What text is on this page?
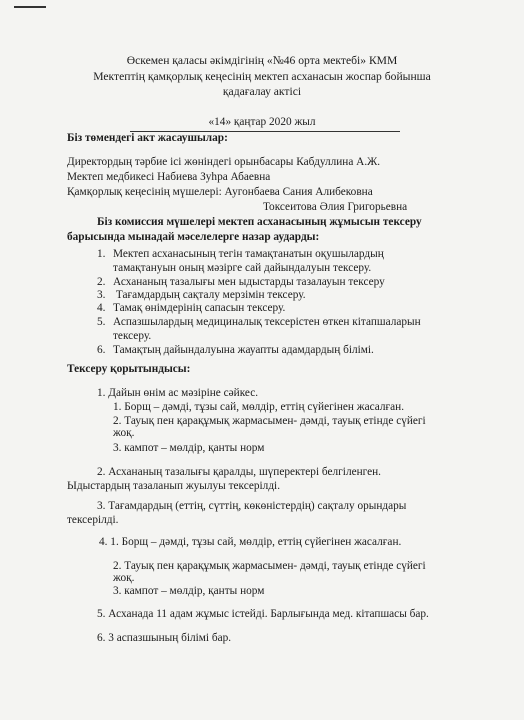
Өскемен қаласы әкімдігінің «№46 орта мектебі» КММ
Мектептің қамқорлық кеңесінің мектеп асханасын жоспар бойынша
қадағалау актісі
«14» қаңтар 2020 жыл
Біз төмендегі акт жасаушылар:
Директордың тәрбие ісі жөніндегі орынбасары Кабдуллина А.Ж.
Мектеп медбикесі Набиева Зуһра Абаевна
Қамқорлық кеңесінің мүшелері: Аугонбаева Сания Алибековна
Токсеитова Әлия Григорьевна
Біз комиссия мүшелері мектеп асханасының жұмысын тексеру
барысында мынадай мәселелерге назар аударды:
1. Мектеп асханасының тегін тамақтанатын оқушылардың
тамақтануын оның мәзіргe сай дайындалуын тексеру.
2. Асхананың тазалығы мен ыдыстарды тазалауын тексеру
3. Тағамдардың сақталу мерзімін тексеру.
4. Тамақ өнімдерінің сапасын тексеру.
5. Аспазшылардың медициналық тексерістен өткен кітапшаларын
тексеру.
6. Тамақтың дайындалуына жауапты адамдардың білімі.
Тексеру қорытындысы:
1. Дайын өнім ас мәзіріне сәйкес.
1. Борщ – дәмді, тұзы сай, мөлдір, еттің сүйегінен жасалған.
2. Тауық пен қарақұмық жармасымен- дәмді, тауық етінде сүйегі
жоқ.
3. кампот – мөлдір, қанты норм
2. Асхананың тазалығы қаралды, шүперектері белгіленген.
Ыдыстардың тазаланып жуылуы тексерілді.
3. Тағамдардың (еттің, сүттің, көкөністердің) сақталу орындары
тексерілді.
4. 1. Борщ – дәмді, тұзы сай, мөлдір, еттің сүйегінен жасалған.
2. Тауық пен қарақұмық жармасымен- дәмді, тауық етінде сүйегі
жоқ.
3. кампот – мөлдір, қанты норм
5. Асханада 11 адам жұмыс істейді. Барлығында мед. кітапшасы бар.
6. 3 аспазшының білімі бар.
